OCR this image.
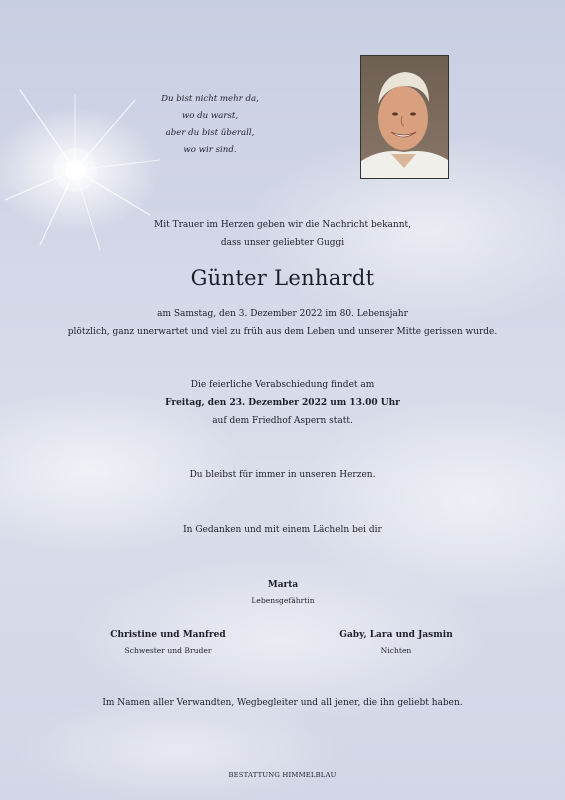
Du bist nicht mehr da,
wo du warst,
aber du bist überall,
wo wir sind.
Mit Trauer im Herzen geben wir die Nachricht bekannt,
dass unser geliebter Guggi
Günter Lenhardt
am Samstag, den 3. Dezember 2022 im 80. Lebensjahr
plötzlich, ganz unerwartet und viel zu früh aus dem Leben und unserer Mitte gerissen wurde.
Die feierliche Verabschiedung findet am
Freitag, den 23. Dezember 2022 um 13.00 Uhr
auf dem Friedhof Aspern statt.
Du bleibst für immer in unseren Herzen.
In Gedanken und mit einem Lächeln bei dir
Marta
Lebensgefährtin
Christine und Manfred
Schwester und Bruder
Gaby, Lara und Jasmin
Nichten
Im Namen aller Verwandten, Wegbegleiter und all jener, die ihn geliebt haben.
BESTATTUNG HIMMELBLAU
